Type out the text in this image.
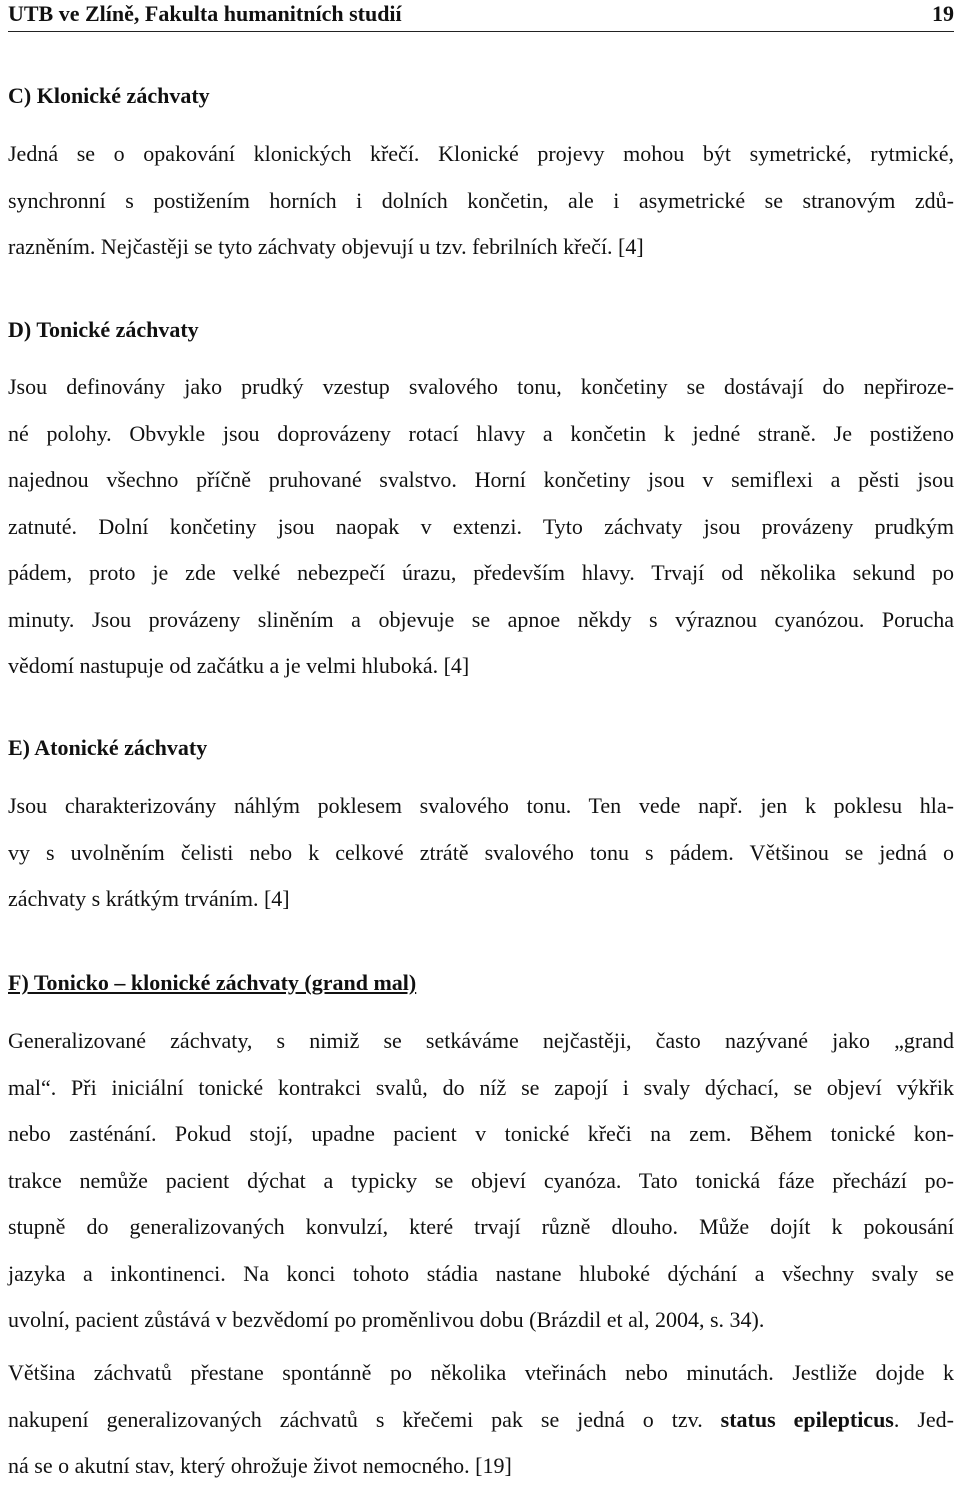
UTB ve Zlíně, Fakulta humanitních studií	19
C) Klonické záchvaty
Jedná se o opakování klonických křečí. Klonické projevy mohou být symetrické, rytmické,
synchronní s postižením horních i dolních končetin, ale i asymetrické se stranovým zdů-
razněním. Nejčastěji se tyto záchvaty objevují u tzv. febrilních křečí. [4]
D) Tonické záchvaty
Jsou definovány jako prudký vzestup svalového tonu, končetiny se dostávají do nepřiroze-
né polohy. Obvykle jsou doprovázeny rotací hlavy a končetin k jedné straně. Je postiženo
najednou všechno příčně pruhované svalstvo. Horní končetiny jsou v semiflexi a pěsti jsou
zatnuté. Dolní končetiny jsou naopak v extenzi. Tyto záchvaty jsou provázeny prudkým
pádem, proto je zde velké nebezpečí úrazu, především hlavy. Trvají od několika sekund po
minuty. Jsou provázeny sliněním a objevuje se apnoe někdy s výraznou cyanózou. Porucha
vědomí nastupuje od začátku a je velmi hluboká. [4]
E) Atonické záchvaty
Jsou charakterizovány náhlým poklesem svalového tonu. Ten vede např. jen k poklesu hla-
vy s uvolněním čelisti nebo k celkové ztrátě svalového tonu s pádem. Většinou se jedná o
záchvaty s krátkým trváním. [4]
F) Tonicko – klonické záchvaty (grand mal)
Generalizované záchvaty, s nimiž se setkáváme nejčastěji, často nazývané jako „grand
mal“. Při iniciální tonické kontrakci svalů, do níž se zapojí i svaly dýchací, se objeví výkřik
nebo zasténání. Pokud stojí, upadne pacient v tonické křeči na zem. Během tonické kon-
trakce nemůže pacient dýchat a typicky se objeví cyanóza. Tato tonická fáze přechází po-
stupně do generalizovaných konvulzí, které trvají různě dlouho. Může dojít k pokousání
jazyka a inkontinenci. Na konci tohoto stádia nastane hluboké dýchání a všechny svaly se
uvolní, pacient zůstává v bezvědomí po proměnlivou dobu (Brázdil et al, 2004, s. 34).
Většina záchvatů přestane spontánně po několika vteřinách nebo minutách. Jestliže dojde k
nakupení generalizovaných záchvatů s křečemi pak se jedná o tzv. status epilepticus. Jed-
ná se o akutní stav, který ohrožuje život nemocného. [19]
